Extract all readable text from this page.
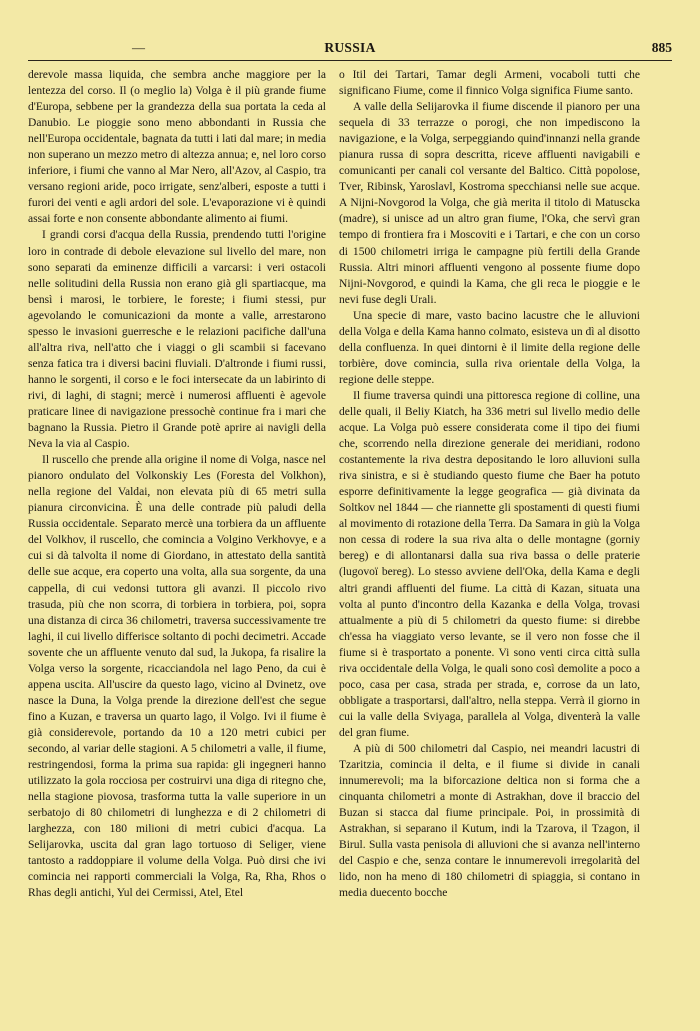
—	RUSSIA	885

derevole massa liquida, che sembra anche maggiore per la lentezza del corso. Il (o meglio la) Volga è il più grande fiume d'Europa, sebbene per la grandezza della sua portata la ceda al Danubio. Le pioggie sono meno abbondanti in Russia che nell'Europa occidentale, bagnata da tutti i lati dal mare; in media non superano un mezzo metro di altezza annua; e, nel loro corso inferiore, i fiumi che vanno al Mar Nero, all'Azov, al Caspio, tra versano regioni aride, poco irrigate, senz'alberi, esposte a tutti i furori dei venti e agli ardori del sole. L'evaporazione vi è quindi assai forte e non consente abbondante alimento ai fiumi.

I grandi corsi d'acqua della Russia, prendendo tutti l'origine loro in contrade di debole elevazione sul livello del mare, non sono separati da eminenze difficili a varcarsi: i veri ostacoli nelle solitudini della Russia non erano già gli spartiacque, ma bensì i marosi, le torbiere, le foreste; i fiumi stessi, pur agevolando le comunicazioni da monte a valle, arrestarono spesso le invasioni guerresche e le relazioni pacifiche dall'una all'altra riva, nell'atto che i viaggi o gli scambii si facevano senza fatica tra i diversi bacini fluviali. D'altronde i fiumi russi, hanno le sorgenti, il corso e le foci intersecate da un labirinto di rivi, di laghi, di stagni; mercè i numerosi affluenti è agevole praticare linee di navigazione pressochè continue fra i mari che bagnano la Russia. Pietro il Grande potè aprire ai navigli della Neva la via al Caspio.

Il ruscello che prende alla origine il nome di Volga, nasce nel pianoro ondulato del Volkonskiy Les (Foresta del Volkhon), nella regione del Valdai, non elevata più di 65 metri sulla pianura circonvicina. È una delle contrade più paludi della Russia occidentale. Separato mercè una torbiera da un affluente del Volkhov, il ruscello, che comincia a Volgino Verkhovye, e a cui si dà talvolta il nome di Giordano, in attestato della santità delle sue acque, era coperto una volta, alla sua sorgente, da una cappella, di cui vedonsi tuttora gli avanzi. Il piccolo rivo trasuda, più che non scorra, di torbiera in torbiera, poi, sopra una distanza di circa 36 chilometri, traversa successivamente tre laghi, il cui livello differisce soltanto di pochi decimetri. Accade sovente che un affluente venuto dal sud, la Jukopa, fa risalire la Volga verso la sorgente, ricacciandola nel lago Peno, da cui è appena uscita. All'uscire da questo lago, vicino al Dvinetz, ove nasce la Duna, la Volga prende la direzione dell'est che segue fino a Kuzan, e traversa un quarto lago, il Volgo. Ivi il fiume è già considerevole, portando da 10 a 120 metri cubici per secondo, al variar delle stagioni. A 5 chilometri a valle, il fiume, restringendosi, forma la prima sua rapida: gli ingegneri hanno utilizzato la gola rocciosa per costruirvi una diga di ritegno che, nella stagione piovosa, trasforma tutta la valle superiore in un serbatojo di 80 chilometri di lunghezza e di 2 chilometri di larghezza, con 180 milioni di metri cubici d'acqua. La Selijarovka, uscita dal gran lago tortuoso di Seliger, viene tantosto a raddoppiare il volume della Volga. Può dirsi che ivi comincia nei rapporti commerciali la Volga, Ra, Rha, Rhos o Rhas degli antichi, Yul dei Cermissi, Atel, Etel

o Itil dei Tartari, Tamar degli Armeni, vocaboli tutti che significano Fiume, come il finnico Volga significa Fiume santo.

A valle della Selijarovka il fiume discende il pianoro per una sequela di 33 terrazze o porogi, che non impediscono la navigazione, e la Volga, serpeggiando quind'innanzi nella grande pianura russa di sopra descritta, riceve affluenti navigabili e comunicanti per canali col versante del Baltico. Città popolose, Tver, Ribinsk, Yaroslavl, Kostroma specchiansi nelle sue acque. A Nijni-Novgorod la Volga, che già merita il titolo di Matuscka (madre), si unisce ad un altro gran fiume, l'Oka, che servì gran tempo di frontiera fra i Moscoviti e i Tartari, e che con un corso di 1500 chilometri irriga le campagne più fertili della Grande Russia. Altri minori affluenti vengono al possente fiume dopo Nijni-Novgorod, e quindi la Kama, che gli reca le pioggie e le nevi fuse degli Urali.

Una specie di mare, vasto bacino lacustre che le alluvioni della Volga e della Kama hanno colmato, esisteva un dì al disotto della confluenza. In quei dintorni è il limite della regione delle torbière, dove comincia, sulla riva orientale della Volga, la regione delle steppe.

Il fiume traversa quindi una pittoresca regione di colline, una delle quali, il Beliy Kiatch, ha 336 metri sul livello medio delle acque. La Volga può essere considerata come il tipo dei fiumi che, scorrendo nella direzione generale dei meridiani, rodono costantemente la riva destra depositando le loro alluvioni sulla riva sinistra, e si è studiando questo fiume che Baer ha potuto esporre definitivamente la legge geografica — già divinata da Soltkov nel 1844 — che riannette gli spostamenti di questi fiumi al movimento di rotazione della Terra. Da Samara in giù la Volga non cessa di rodere la sua riva alta o delle montagne (gorniy bereg) e di allontanarsi dalla sua riva bassa o delle praterie (lugovoï bereg). Lo stesso avviene dell'Oka, della Kama e degli altri grandi affluenti del fiume. La città di Kazan, situata una volta al punto d'incontro della Kazanka e della Volga, trovasi attualmente a più di 5 chilometri da questo fiume: si direbbe ch'essa ha viaggiato verso levante, se il vero non fosse che il fiume si è trasportato a ponente. Vi sono venti circa città sulla riva occidentale della Volga, le quali sono così demolite a poco a poco, casa per casa, strada per strada, e, corrose da un lato, obbligate a trasportarsi, dall'altro, nella steppa. Verrà il giorno in cui la valle della Sviyaga, parallela al Volga, diventerà la valle del gran fiume.

A più di 500 chilometri dal Caspio, nei meandri lacustri di Tzaritzia, comincia il delta, e il fiume si divide in canali innumerevoli; ma la biforcazione deltica non si forma che a cinquanta chilometri a monte di Astrakhan, dove il braccio del Buzan si stacca dal fiume principale. Poi, in prossimità di Astrakhan, si separano il Kutum, indi la Tzarova, il Tzagon, il Birul. Sulla vasta penisola di alluvioni che si avanza nell'interno del Caspio e che, senza contare le innumerevoli irregolarità del lido, non ha meno di 180 chilometri di spiaggia, si contano in media duecento bocche
